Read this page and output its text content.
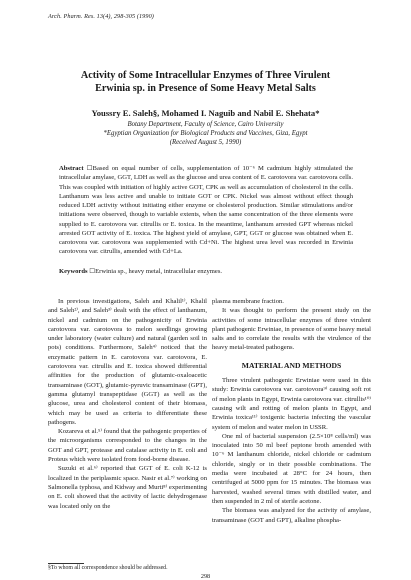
Arch. Pharm. Res. 13(4), 298-305 (1990)
Activity of Some Intracellular Enzymes of Three Virulent
Erwinia sp. in Presence of Some Heavy Metal Salts
Youssry E. Saleh§, Mohamed I. Naguib and Nabil E. Shehata*
Botany Department, Faculty of Science, Cairo University
*Egyptian Organization for Biological Products and Vaccines, Giza, Egypt
(Received August 5, 1990)
Abstract ☐Based on equal number of cells, supplementation of 10⁻⁶ M cadmium highly stimulated the intracellular amylase, GGT, LDH as well as the glucose and urea content of E. carotovora var. carotovora cells. This was coupled with initiation of highly active GOT, CPK as well as accumulation of cholesterol in the cells. Lanthanum was less active and unable to initiate GOT or CPK. Nickel was almost without effect though reduced LDH activity without initiating either enzyme or cholesterol production. Similar stimulations and/or initiations were observed, though to variable extents, when the same concentration of the three elements were supplied to E. carotovora var. citrullis or E. toxica. In the meantime, lanthanum arrested GPT whereas nickel arrested GOT activity of E. toxica. The highest yield of amylase, GPT, GGT or glucose was obtained when E. carotovora var. carotovora was supplemented with Cd+Ni. The highest urea level was recorded in Erwinia carotovora var. citrullis, amended with Cd+La.
Keywords ☐Erwinia sp., heavy metal, intracellular enzymes.

In previous investigations, Saleh and Khalil¹⁾, Khalil and Saleh²⁾, and Saleh³⁾ dealt with the effect of lanthanum, nickel and cadmium on the pathogenicity of Erwinia carotovora var. carotovora to melon seedlings growing under laboratory (water culture) and natural (garden soil in pots) conditions. Furthermore, Saleh⁴⁾ noticed that the enzymatic pattern in E. carotovora var. carotovora, E. carotovora var. citrullis and E. toxica showed differential affinities for the production of glutamic-oxaloacetic transaminase (GOT), glutamic-pyruvic transaminase (GPT), gamma glutamyl transpeptidase (GGT) as well as the glucose, urea and cholesterol content of their biomass, which may be used as criteria to differentiate these pathogens.

Kozareva et al.⁵⁾ found that the pathogenic properties of the microorganisms corresponded to the changes in the GOT and GPT, protease and catalase activity in E. coli and Proteus which were isolated from food-borne disease.

Suzuki et al.⁶⁾ reported that GGT of E. coli K-12 is localized in the periplasmic space. Nasir et al.⁷⁾ working on Salmonella typhosa, and Kidway and Murti⁸⁾ experimenting on E. coli showed that the activity of lactic dehydrogenase was located only on the

plasma membrane fraction.

It was thought to perform the present study on the activities of some intracellular enzymes of three virulent plant pathogenic Erwiniae, in presence of some heavy metal salts and to correlate the results with the virulence of the heavy metal-treated pathogens.

MATERIAL AND METHODS

Three virulent pathogenic Erwiniae were used in this study: Erwinia carotovora var. carotovora⁹⁾ causing soft rot of melon plants in Egypt, Erwinia carotovora var. citrullis¹⁰⁾ causing wilt and rotting of melon plants in Egypt, and Erwinia toxica¹¹⁾ toxigenic bacteria infecting the vascular system of melon and water melon in USSR.

One ml of bacterial suspension (2.5×10⁸ cells/ml) was inoculated into 50 ml beef peptone broth amended with 10⁻⁶ M lanthanum chloride, nickel chloride or cadmium chloride, singly or in their possible combinations. The media were incubated at 28°C for 24 hours, then centrifuged at 5000 ppm for 15 minutes. The biomass was harvested, washed several times with distilled water, and then suspended in 2 ml of sterile acetone.

The biomass was analyzed for the activity of amylase, transaminase (GOT and GPT), alkaline phospha-

§To whom all correspondence should be addressed.
298
